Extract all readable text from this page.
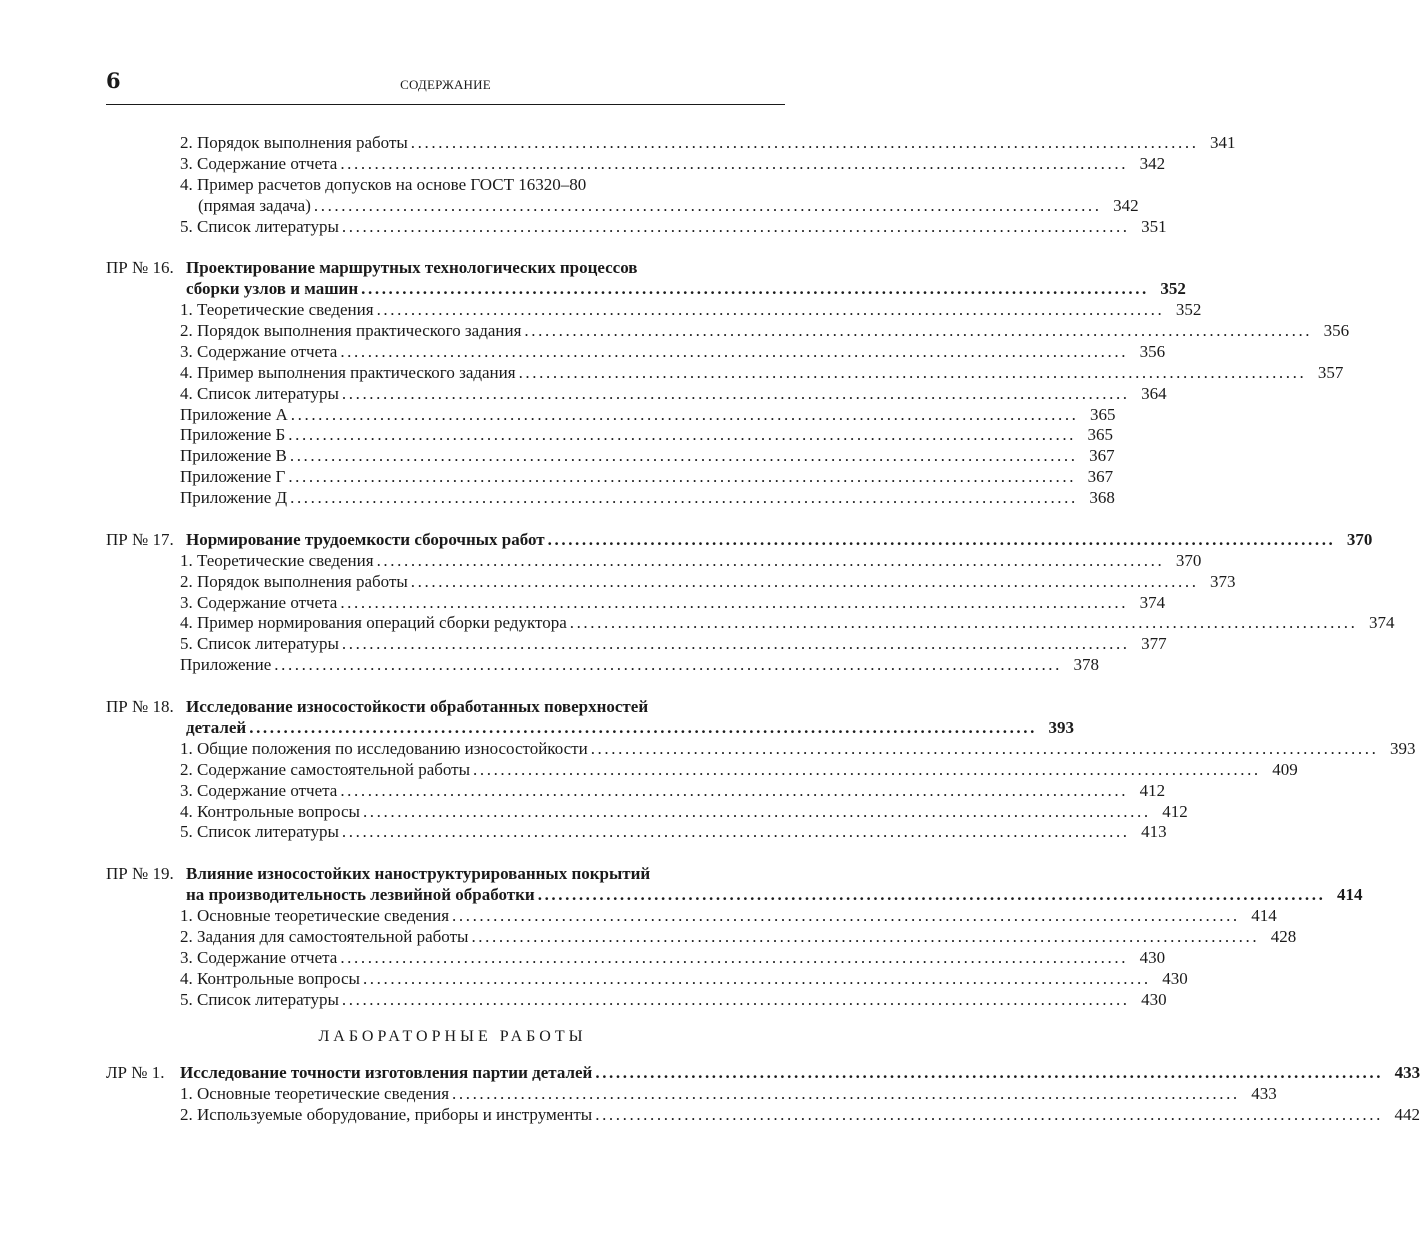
6	СОДЕРЖАНИЕ
2. Порядок выполнения работы ................................................................................................................... 341
3. Содержание отчета ................................................................................................................... 342
4. Пример расчетов допусков на основе ГОСТ 16320–80
(прямая задача) ................................................................................................................... 342
5. Список литературы ................................................................................................................... 351
ПР № 16. Проектирование маршрутных технологических процессов
сборки узлов и машин ................................................................................................................... 352
1. Теоретические сведения ................................................................................................................... 352
2. Порядок выполнения практического задания ................................................................................................................... 356
3. Содержание отчета ................................................................................................................... 356
4. Пример выполнения практического задания ................................................................................................................... 357
4. Список литературы ................................................................................................................... 364
Приложение А ................................................................................................................... 365
Приложение Б ................................................................................................................... 365
Приложение В ................................................................................................................... 367
Приложение Г ................................................................................................................... 367
Приложение Д ................................................................................................................... 368
ПР № 17. Нормирование трудоемкости сборочных работ ................................................................................................................... 370
1. Теоретические сведения ................................................................................................................... 370
2. Порядок выполнения работы ................................................................................................................... 373
3. Содержание отчета ................................................................................................................... 374
4. Пример нормирования операций сборки редуктора ................................................................................................................... 374
5. Список литературы ................................................................................................................... 377
Приложение ................................................................................................................... 378
ПР № 18. Исследование износостойкости обработанных поверхностей
деталей ................................................................................................................... 393
1. Общие положения по исследованию износостойкости ................................................................................................................... 393
2. Содержание самостоятельной работы ................................................................................................................... 409
3. Содержание отчета ................................................................................................................... 412
4. Контрольные вопросы ................................................................................................................... 412
5. Список литературы ................................................................................................................... 413
ПР № 19. Влияние износостойких наноструктурированных покрытий
на производительность лезвийной обработки ................................................................................................................... 414
1. Основные теоретические сведения ................................................................................................................... 414
2. Задания для самостоятельной работы ................................................................................................................... 428
3. Содержание отчета ................................................................................................................... 430
4. Контрольные вопросы ................................................................................................................... 430
5. Список литературы ................................................................................................................... 430
ЛАБОРАТОРНЫЕ РАБОТЫ
ЛР № 1. Исследование точности изготовления партии деталей ................................................................................................................... 433
1. Основные теоретические сведения ................................................................................................................... 433
2. Используемые оборудование, приборы и инструменты ................................................................................................................... 442
